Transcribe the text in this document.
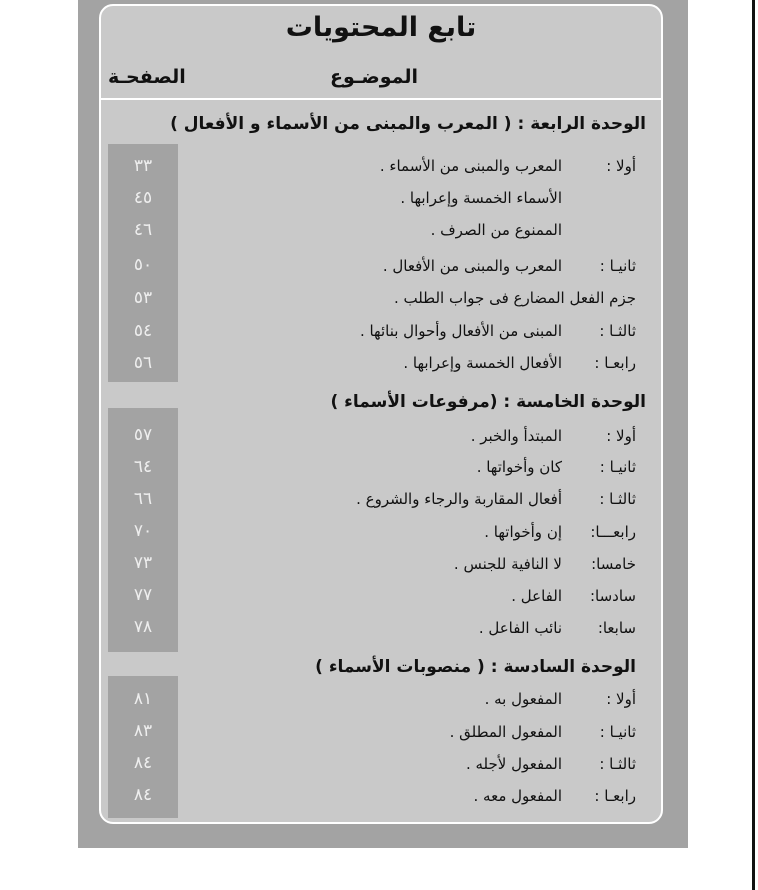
تابع المحتويات
الموضـوع
الصفحـة
الوحدة الرابعة : ( المعرب والمبنى من الأسماء و الأفعال )
أولا :
المعرب والمبنى من الأسماء .
٣٣
الأسماء الخمسة وإعرابها .
٤٥
الممنوع من الصرف .
٤٦
ثانيـا :
المعرب والمبنى من الأفعال .
٥٠
جزم الفعل المضارع فى جواب الطلب .
٥٣
ثالثـا :
المبنى من الأفعال وأحوال بنائها .
٥٤
رابعـا :
الأفعال الخمسة وإعرابها .
٥٦
الوحدة الخامسة : (مرفوعات الأسماء )
أولا :
المبتدأ والخبر .
٥٧
ثانيـا :
كان وأخواتها .
٦٤
ثالثـا :
أفعال المقاربة والرجاء والشروع .
٦٦
رابعـــا:
إن وأخواتها .
٧٠
خامسا:
لا النافية للجنس .
٧٣
سادسا:
الفاعل .
٧٧
سابعا:
نائب الفاعل .
٧٨
الوحدة السادسة : ( منصوبات الأسماء )
أولا :
المفعول به .
٨١
ثانيـا :
المفعول المطلق .
٨٣
ثالثـا :
المفعول لأجله .
٨٤
رابعـا :
المفعول معه .
٨٤
